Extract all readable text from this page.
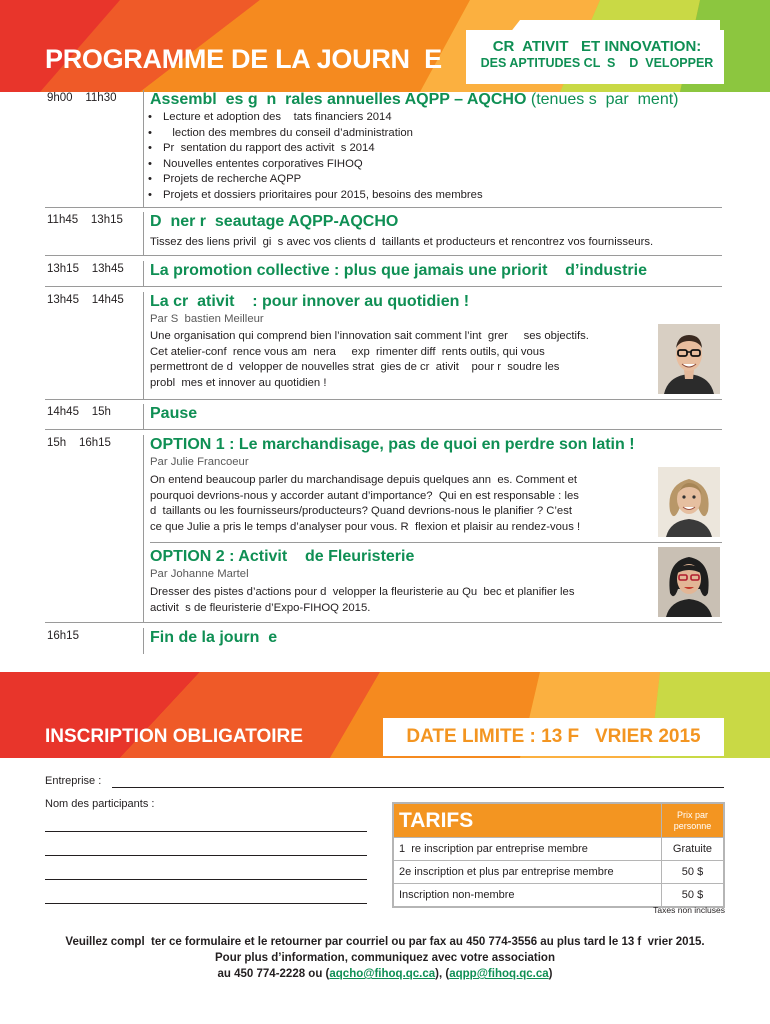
PROGRAMME DE LA JOURN  E	CR  ATIVIT   ET INNOVATION:
DES APTITUDES CL  S    D  VELOPPER
9h00    11h30 Assembl  es g  n  rales annuelles AQPP – AQCHO (tenues s  par  ment)
• Lecture et adoption des    tats financiers 2014
•    lection des membres du conseil d’administration
• Pr  sentation du rapport des activit  s 2014
• Nouvelles ententes corporatives FIHOQ
• Projets de recherche AQPP
• Projets et dossiers prioritaires pour 2015, besoins des membres
11h45    13h15 D  ner r  seautage AQPP-AQCHO
Tissez des liens privil  gi  s avec vos clients d  taillants et producteurs et rencontrez vos fournisseurs.
13h15    13h45 La promotion collective : plus que jamais une priorit    d’industrie
13h45    14h45 La cr  ativit    : pour innover au quotidien !
Par S  bastien Meilleur
Une organisation qui comprend bien l’innovation sait comment l’int  grer     ses objectifs.
Cet atelier-conf  rence vous am  nera     exp  rimenter diff  rents outils, qui vous
permettront de d  velopper de nouvelles strat  gies de cr  ativit    pour r  soudre les
probl  mes et innover au quotidien !
14h45    15h Pause
15h    16h15 OPTION 1 : Le marchandisage, pas de quoi en perdre son latin !
Par Julie Francoeur
On entend beaucoup parler du marchandisage depuis quelques ann  es. Comment et
pourquoi devrions-nous y accorder autant d’importance?  Qui en est responsable : les
d  taillants ou les fournisseurs/producteurs? Quand devrions-nous le planifier ? C’est
ce que Julie a pris le temps d’analyser pour vous. R  flexion et plaisir au rendez-vous !
OPTION 2 : Activit    de Fleuristerie
Par Johanne Martel
Dresser des pistes d’actions pour d  velopper la fleuristerie au Qu  bec et planifier les
activit  s de fleuristerie d’Expo-FIHOQ 2015.
16h15	Fin de la journ  e
INSCRIPTION OBLIGATOIRE	DATE LIMITE : 13 F   VRIER 2015
Entreprise :
Nom des participants :
TARIFS	Prix par personne

1  re inscription par entreprise membre	Gratuite
2e inscription et plus par entreprise membre	50 $
Inscription non-membre	50 $
Taxes non incluses
Veuillez compl  ter ce formulaire et le retourner par courriel ou par fax au 450 774-3556 au plus tard le 13 f  vrier 2015.
Pour plus d’information, communiquez avec votre association
au 450 774-2228 ou (aqcho@fihoq.qc.ca), (aqpp@fihoq.qc.ca)
